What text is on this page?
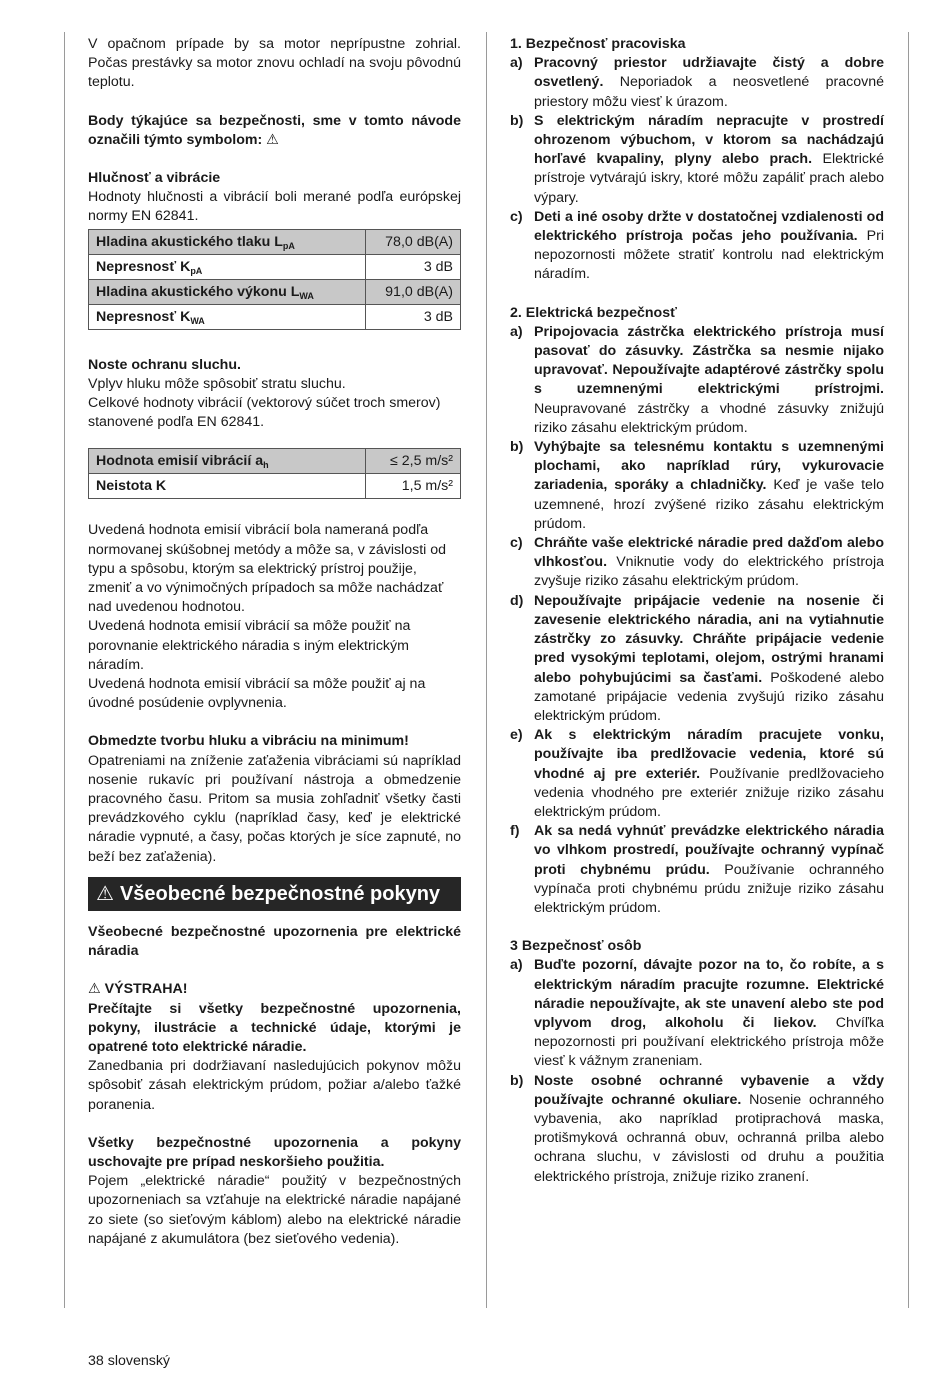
V opačnom prípade by sa motor neprípustne zohrial. Počas prestávky sa motor znovu ochladí na svoju pôvodnú teplotu.

Body týkajúce sa bezpečnosti, sme v tomto návode označili týmto symbolom: ⚠

Hlučnosť a vibrácie

Hodnoty hlučnosti a vibrácií boli merané podľa európskej normy EN 62841.

Hladina akustického tlaku $L_{pA}$	78,0 dB(A)
Nepresnosť $K_{pA}$	3 dB
Hladina akustického výkonu $L_{WA}$	91,0 dB(A)
Nepresnosť $K_{WA}$	3 dB

Noste ochranu sluchu.

Vplyv hluku môže spôsobiť stratu sluchu.

Celkové hodnoty vibrácií (vektorový súčet troch smerov) stanovené podľa EN 62841.

Hodnota emisií vibrácií $a_h$	≤ 2,5 m/s²
Neistota K	1,5 m/s²

Uvedená hodnota emisií vibrácií bola nameraná podľa normovanej skúšobnej metódy a môže sa, v závislosti od typu a spôsobu, ktorým sa elektrický prístroj použije, zmeniť a vo výnimočných prípadoch sa môže nachádzať nad uvedenou hodnotou.

Uvedená hodnota emisií vibrácií sa môže použiť na porovnanie elektrického náradia s iným elektrickým náradím.

Uvedená hodnota emisií vibrácií sa môže použiť aj na úvodné posúdenie ovplyvnenia.

Obmedzte tvorbu hluku a vibráciu na minimum!

Opatreniami na zníženie zaťaženia vibráciami sú napríklad nosenie rukavíc pri používaní nástroja a obmedzenie pracovného času. Pritom sa musia zohľadniť všetky časti prevádzkového cyklu (napríklad časy, keď je elektrické náradie vypnuté, a časy, počas ktorých je síce zapnuté, no beží bez zaťaženia).

⚠ Všeobecné bezpečnostné pokyny

Všeobecné bezpečnostné upozornenia pre elektrické náradia

⚠ VÝSTRAHA!

Prečítajte si všetky bezpečnostné upozornenia, pokyny, ilustrácie a technické údaje, ktorými je opatrené toto elektrické náradie.

Zanedbania pri dodržiavaní nasledujúcich pokynov môžu spôsobiť zásah elektrickým prúdom, požiar a/alebo ťažké poranenia.

Všetky bezpečnostné upozornenia a pokyny uschovajte pre prípad neskoršieho použitia.

Pojem „elektrické náradie“ použitý v bezpečnostných upozorneniach sa vzťahuje na elektrické náradie napájané zo siete (so sieťovým káblom) alebo na elektrické náradie napájané z akumulátora (bez sieťového vedenia).

1. Bezpečnosť pracoviska

a) Pracovný priestor udržiavajte čistý a dobre osvetlený. Neporiadok a neosvetlené pracovné priestory môžu viesť k úrazom.
b) S elektrickým náradím nepracujte v prostredí ohrozenom výbuchom, v ktorom sa nachádzajú horľavé kvapaliny, plyny alebo prach. Elektrické prístroje vytvárajú iskry, ktoré môžu zapáliť prach alebo výpary.
c) Deti a iné osoby držte v dostatočnej vzdialenosti od elektrického prístroja počas jeho používania. Pri nepozornosti môžete stratiť kontrolu nad elektrickým náradím.

2. Elektrická bezpečnosť

a) Pripojovacia zástrčka elektrického prístroja musí pasovať do zásuvky. Zástrčka sa nesmie nijako upravovať. Nepoužívajte adaptérové zástrčky spolu s uzemnenými elektrickými prístrojmi. Neupravované zástrčky a vhodné zásuvky znižujú riziko zásahu elektrickým prúdom.
b) Vyhýbajte sa telesnému kontaktu s uzemnenými plochami, ako napríklad rúry, vykurovacie zariadenia, sporáky a chladničky. Keď je vaše telo uzemnené, hrozí zvýšené riziko zásahu elektrickým prúdom.
c) Chráňte vaše elektrické náradie pred dažďom alebo vlhkosťou. Vniknutie vody do elektrického prístroja zvyšuje riziko zásahu elektrickým prúdom.
d) Nepoužívajte pripájacie vedenie na nosenie či zavesenie elektrického náradia, ani na vytiahnutie zástrčky zo zásuvky. Chráňte pripájacie vedenie pred vysokými teplotami, olejom, ostrými hranami alebo pohybujúcimi sa časťami. Poškodené alebo zamotané pripájacie vedenia zvyšujú riziko zásahu elektrickým prúdom.
e) Ak s elektrickým náradím pracujete vonku, používajte iba predlžovacie vedenia, ktoré sú vhodné aj pre exteriér. Používanie predlžovacieho vedenia vhodného pre exteriér znižuje riziko zásahu elektrickým prúdom.
f) Ak sa nedá vyhnúť prevádzke elektrického náradia vo vlhkom prostredí, používajte ochranný vypínač proti chybnému prúdu. Používanie ochranného vypínača proti chybnému prúdu znižuje riziko zásahu elektrickým prúdom.

3 Bezpečnosť osôb

a) Buďte pozorní, dávajte pozor na to, čo robíte, a s elektrickým náradím pracujte rozumne. Elektrické náradie nepoužívajte, ak ste unavení alebo ste pod vplyvom drog, alkoholu či liekov. Chvíľka nepozornosti pri používaní elektrického prístroja môže viesť k vážnym zraneniam.
b) Noste osobné ochranné vybavenie a vždy používajte ochranné okuliare. Nosenie ochranného vybavenia, ako napríklad protiprachová maska, protišmyková ochranná obuv, ochranná prilba alebo ochrana sluchu, v závislosti od druhu a použitia elektrického prístroja, znižuje riziko zranení.
38 slovenský
